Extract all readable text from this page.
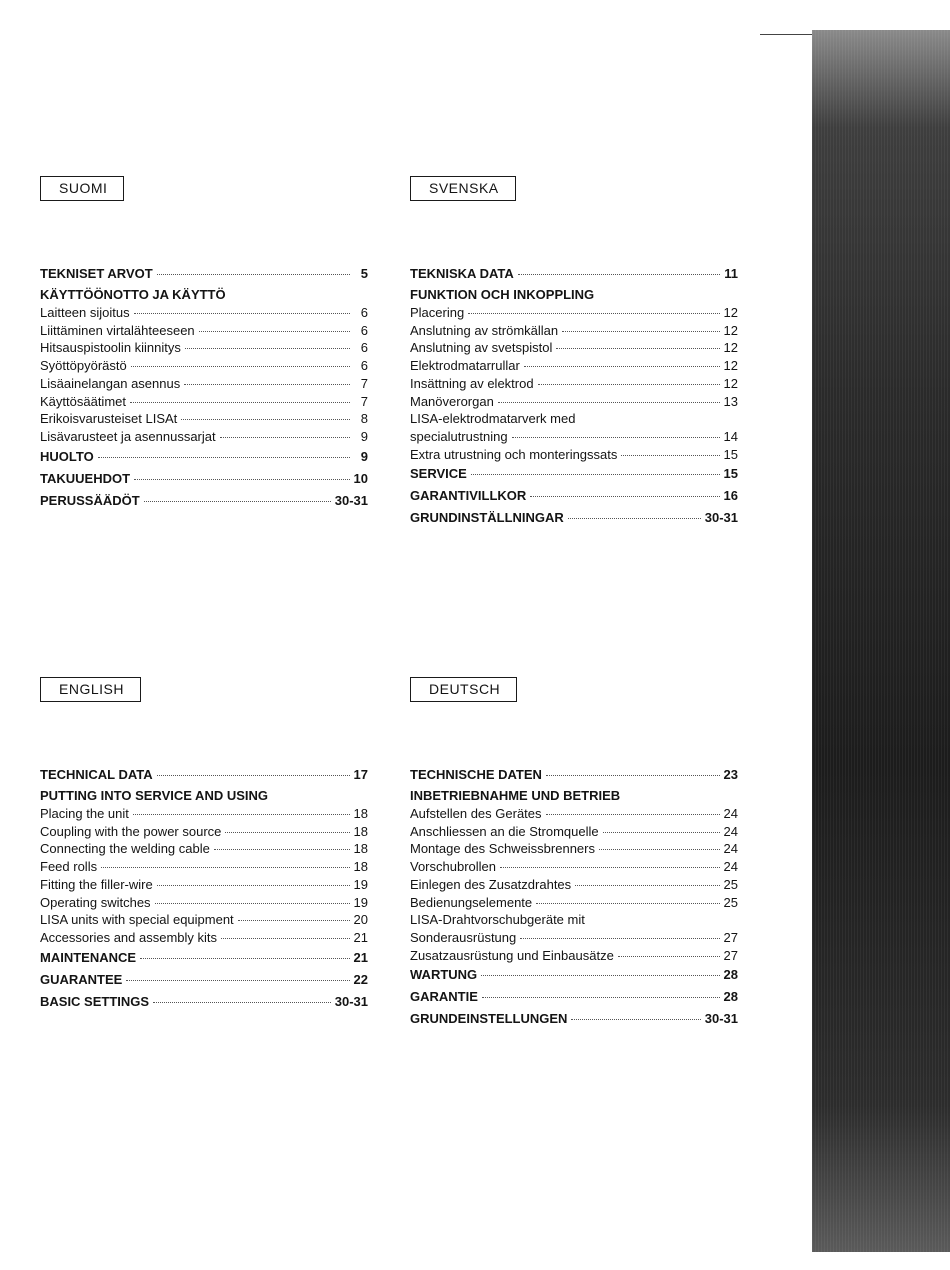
SUOMI
TEKNISET ARVOT	5
KÄYTTÖÖNOTTO JA KÄYTTÖ
Laitteen sijoitus	6
Liittäminen virtalähteeseen	6
Hitsauspistoolin kiinnitys	6
Syöttöpyörästö	6
Lisäainelangan asennus	7
Käyttösäätimet	7
Erikoisvarusteiset LISAt	8
Lisävarusteet ja asennussarjat	9
HUOLTO	9
TAKUUEHDOT	10
PERUSSÄÄDÖT	30-31
SVENSKA
TEKNISKA DATA	11
FUNKTION OCH INKOPPLING
Placering	12
Anslutning av strömkällan	12
Anslutning av svetspistol	12
Elektrodmatarrullar	12
Insättning av elektrod	12
Manöverorgan	13
LISA-elektrodmatarverk med
specialutrustning	14
Extra utrustning och monteringssats	15
SERVICE	15
GARANTIVILLKOR	16
GRUNDINSTÄLLNINGAR	30-31
ENGLISH
TECHNICAL DATA	17
PUTTING INTO SERVICE AND USING
Placing the unit	18
Coupling with the power source	18
Connecting the welding cable	18
Feed rolls	18
Fitting the filler-wire	19
Operating switches	19
LISA units with special equipment	20
Accessories and assembly kits	21
MAINTENANCE	21
GUARANTEE	22
BASIC SETTINGS	30-31
DEUTSCH
TECHNISCHE DATEN	23
INBETRIEBNAHME UND BETRIEB
Aufstellen des Gerätes	24
Anschliessen an die Stromquelle	24
Montage des Schweissbrenners	24
Vorschubrollen	24
Einlegen des Zusatzdrahtes	25
Bedienungselemente	25
LISA-Drahtvorschubgeräte mit
Sonderausrüstung	27
Zusatzausrüstung und Einbausätze	27
WARTUNG	28
GARANTIE	28
GRUNDEINSTELLUNGEN	30-31
